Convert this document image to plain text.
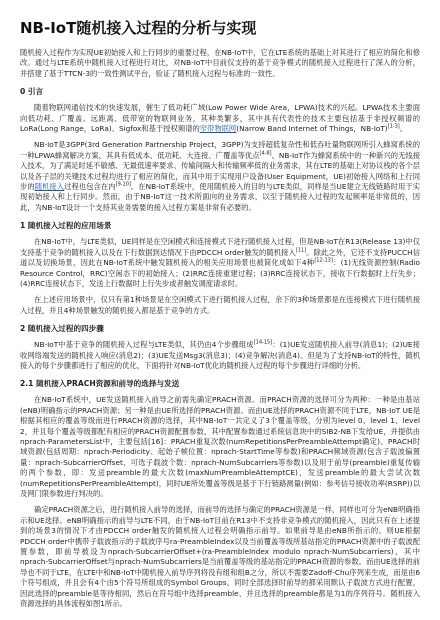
NB-IoT随机接入过程的分析与实现

随机接入过程作为实现UE初始接入和上行同步的重要过程，在NB-IoT中，它在LTE系统的基础上对其进行了相应的简化和修改。通过与LTE系统中随机接入过程进行对比，对NB-IoT中目前仅支持的基于竞争模式的随机接入过程进行了深入的分析，并搭建了基于TTCN-3的一致性测试平台，验证了随机接入过程与标准的一致性。

0 引言

随着物联网通信技术的快速发展，催生了低功耗广域(Low Power Wide Area，LPWA)技术的兴起。LPWA技术主要面向低功耗、广覆盖、远距离、低带宽的物联网业务，其种类繁多，其中具有代表性的技术主要包括基于非授权频谱的LoRa(Long Range，LoRa)、Sigfox和基于授权频谱的窄带物联网(Narrow Band Internet of Things，NB-IoT)[1-3]。

NB-IoT是3GPP(3rd Generation Partnership Project，3GPP)为支持超低复杂性和低吞吐量物联网所引入蜂窝系统的一种LPWA蜂窝解决方案，其具有低成本、低功耗、大连接、广覆盖等优点[4-8]。NB-IoT作为蜂窝系统中的一种新兴的无线接入技术，为了满足时延不敏感、无最低速率要求、传输间隔大和传输频率低的业务需求，其在LTE的基础上对协议栈的各个层以及各子层的关键技术过程均进行了相应的简化，而其中用于实现用户设备(User Equipment，UE)初始接入网络和上行同步的随机接入过程也包含在内[9-10]。在NB-IoT系统中，使用随机接入的目的与LTE类似，同样是当UE建立无线链路时用于实现初始接入和上行同步。然而，由于NB-IoT这一技术所面向的业务需求，以至于随机接入过程的发起频率是非常低的，因此，为NB-IoT设计一个支持其业务需要的接入过程方案是非常有必要的。

1 随机接入过程的应用场景

在NB-IoT中，与LTE类似，UE同样是在空闲模式和连接模式下进行随机接入过程，但是NB-IoT在R13(Release 13)中仅支持基于竞争的随机接入以及在下行数据到达情况下由PDCCH order触发的随机接入[11]。除此之外，它还不支持PUCCH信道以及切换场景，因此在NB-IoT系统中触发随机接入的相关应用场景也被简化成如下4种[12-13]：(1)无线资源控制(Radio Resource Control，RRC)空闲态下的初始接入；(2)RRC连接重建过程；(3)RRC连接状态下，接收下行数据时上行失步；(4)RRC连接状态下，发送上行数据时上行失步或者触发调度请求时。

在上述应用场景中，仅只有第1种场景是在空闲模式下进行随机接入过程，余下的3种场景都是在连接模式下进行随机接入过程，并且4种场景触发的随机接入都是基于竞争的方式。

2 随机接入过程的四步骤

NB-IoT中基于竞争的随机接入过程与LTE类似，其仍由4个步骤组成[14-15]：(1)UE发送随机接入前导(消息1)；(2)UE接收网络端发送的随机接入响应(消息2)；(3)UE发送Msg3(消息3)；(4)竞争解决(消息4)。但是为了支持NB-IoT的特性，随机接入的每个步骤都进行了相应的优化，下面将针对NB-IoT优化的随机接入过程的每个步骤进行详细的分析。

2.1 随机接入PRACH资源和前导的选择与发送

在NB-IoT系统中，UE发送随机接入前导之前需先确定PRACH资源。而PRACH资源的选择可分为两种：一种是由基站(eNB)明确指示的PRACH资源；另一种是由UE所选择的PRACH资源。而由UE选择的PRACH资源不同于LTE，NB-IoT UE是根据其相应的覆盖等级而进行PRACH资源的选择，其中NB-IoT一共定义了3个覆盖等级，分别为level 0、level 1、level 2，并且每个覆盖等级都配有相应的PRACH资源配置参数，其中配置参数通过系统信息块中的SIB2-NB下发给UE，并提供由nprach-ParametersList中，主要包括[16]：PRACH重复次数(numRepetitionsPerPreambleAttempt确定)、PRACH时域资源(包括周期：nprach-Periodicity、起始子帧位置：nprach-StartTime等参数)和PRACH频域资源(包含子载波偏置量：nprach-SubcarrierOffset、可选子载波个数：nprach-NumSubcarriers等参数)以及用于前导(preamble)重复传输的两个参数，即：发送preamble的最大次数(maxNumPreambleAttemptCE)，发送preamble的最大尝试次数(numRepetitionsPerPreambleAttempt)，同时UE所处覆盖等级是基于下行链路测量(例如：参考信号接收功率(RSRP))以及网门限参数进行判决的。

确定PRACH资源之后，进行随机接入前导的选择，而前导的选择与确定的PRACH资源是一样，同样也可分为eNB明确指示和UE选择。eNB明确指示的前导与LTE不同，由于NB-IoT目前在R13中不支持非竞争模式的随机接入，因此只有在上述提到的场景3的情况下才由PDCCH order触发的随机接入过程会明确指示前导。如果前导是由eNB所指示的，则UE根据PDCCH order中携带子载波指示的子载波序号ra-PreambleIndex以及当前覆盖等级所基站指定的PRACH资源中的子载波配置参数，即前导被设为nprach-SubcarrierOffset+(ra-PreambleIndex modulo nprach-NumSubcarriers)，其中nprach-SubcarrierOffset与nprach-NumSubcarriers是当前覆盖等级的基站指定的PRACH资源的参数。而由UE选择的前导也不同于LTE，在LTE中和NB-IoT中随机接入前导序列将没有组和组B之分，所以不需要Zadoff-Chu序列来生成，而是由6个符号组成，并且会有4个由5个符号所组成的Symbol Groups，同时全部选择时前导的都采用默认子载波方式进行配置，因此选择的preamble是等待相同，然后在符号组中选择preamble，并且选择的preamble都是为1的序列符号。随机接入资源选择的具体流程如图1所示。
